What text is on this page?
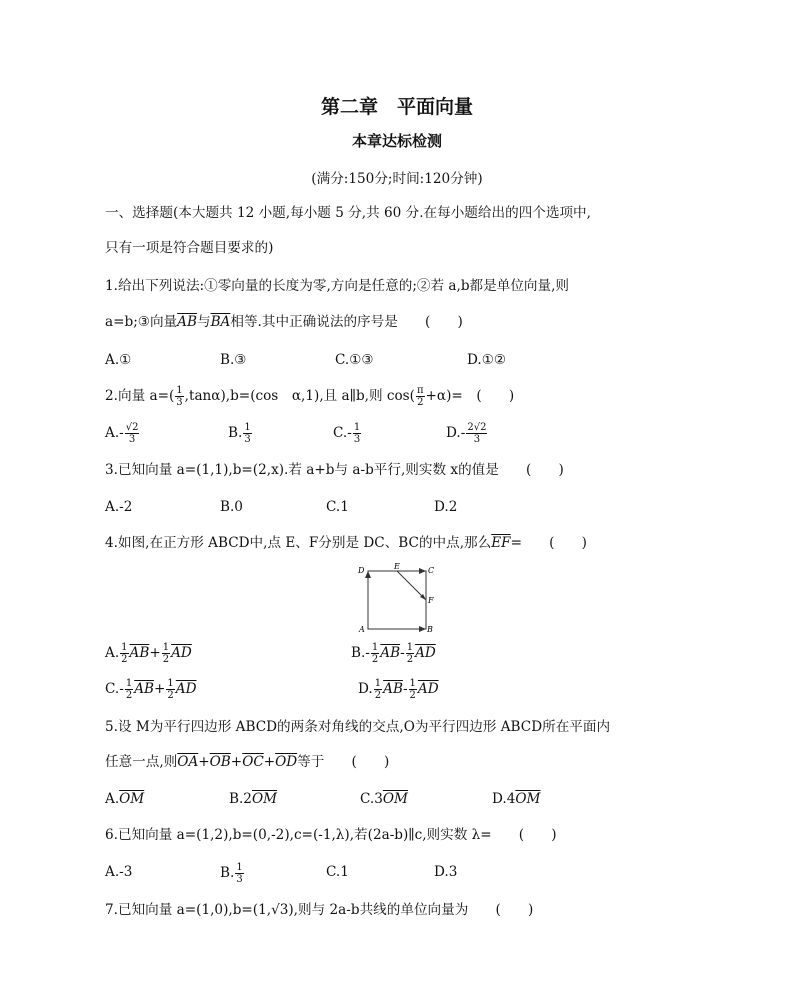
第二章　平面向量
本章达标检测
(满分:150分;时间:120分钟)
一、选择题(本大题共 12 小题,每小题 5 分,共 60 分.在每小题给出的四个选项中,
只有一项是符合题目要求的)
1.给出下列说法:①零向量的长度为零,方向是任意的;②若 a,b都是单位向量,则
a=b;③向量$\overline{AB}$与$\overline{BA}$相等.其中正确说法的序号是　　(　　)
A.①	B.③	C.①③	D.①②
2.向量 $a=( \frac{1}{3} ,\tan\alpha),b=(\cos$　α,1),且 a∥b,则 $\cos( \frac{\pi}{2} +\alpha)=$　(　　)
$A.- \frac{√2}{3}$	B. $\frac{1}{3}$	$C.- \frac{1}{3}$	$D.- \frac{2√2}{3}$
3.已知向量 a=(1,1),b=(2,x).若 a+b与 a-b平行,则实数 x的值是　　(　　)
A.-2	B.0	C.1	D.2
4.如图,在正方形 ABCD中,点 E、F分别是 DC、BC的中点,那么$\overline{EF}=$　　(　　)
D	E	C
F
A	B
A. $\frac{1}{2} \overline{AB}+ \frac{1}{2} \overline{AD}$	$B.- \frac{1}{2} \overline{AB}- \frac{1}{2} \overline{AD}$
$C.- \frac{1}{2} \overline{AB}+ \frac{1}{2} \overline{AD}$	D. $\frac{1}{2} \overline{AB}- \frac{1}{2} \overline{AD}$
5.设 M为平行四边形 ABCD的两条对角线的交点,O为平行四边形 ABCD所在平面内
任意一点,则$\overline{OA}+\overline{OB}+\overline{OC}+\overline{OD}$等于　　(　　)
$A.\overline{OM}$	$B.2\overline{OM}$	$C.3\overline{OM}$	$D.4\overline{OM}$
6.已知向量 a=(1,2),b=(0,-2),c=(-1,λ),若(2a-b)∥c,则实数 λ=　　(　　)
A.-3	B. $\frac{1}{3}$	C.1	D.3
7.已知向量 a=(1,0),b=(1,√3),则与 2a-b共线的单位向量为　　(　　)
